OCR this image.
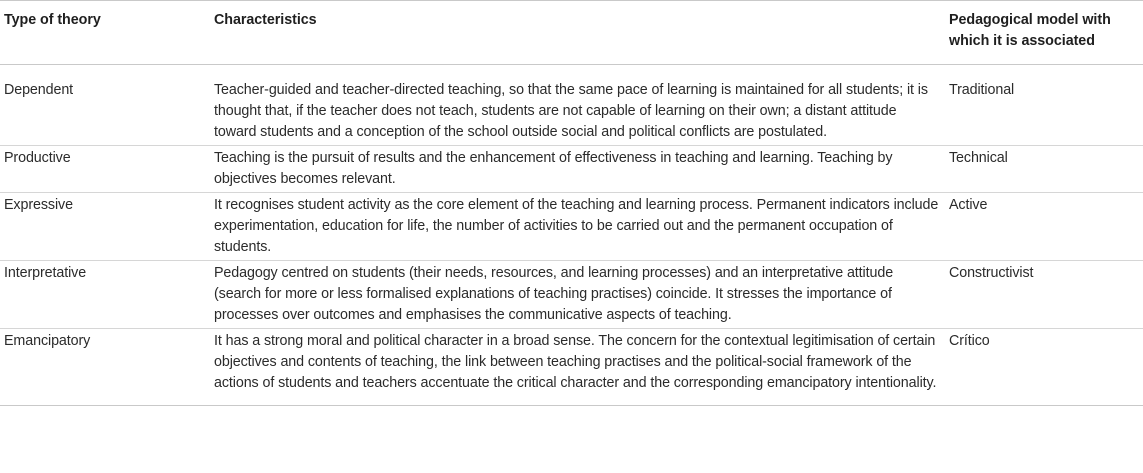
Type of theory	Characteristics	Pedagogical model with which it is associated
Dependent	Teacher-guided and teacher-directed teaching, so that the same pace of learning is maintained for all students; it is thought that, if the teacher does not teach, students are not capable of learning on their own; a distant attitude toward students and a conception of the school outside social and political conflicts are postulated.	Traditional
Productive	Teaching is the pursuit of results and the enhancement of effectiveness in teaching and learning. Teaching by objectives becomes relevant.	Technical
Expressive	It recognises student activity as the core element of the teaching and learning process. Permanent indicators include experimentation, education for life, the number of activities to be carried out and the permanent occupation of students.	Active
Interpretative	Pedagogy centred on students (their needs, resources, and learning processes) and an interpretative attitude (search for more or less formalised explanations of teaching practises) coincide. It stresses the importance of processes over outcomes and emphasises the communicative aspects of teaching.	Constructivist
Emancipatory	It has a strong moral and political character in a broad sense. The concern for the contextual legitimisation of certain objectives and contents of teaching, the link between teaching practises and the political-social framework of the actions of students and teachers accentuate the critical character and the corresponding emancipatory intentionality.	Crítico
